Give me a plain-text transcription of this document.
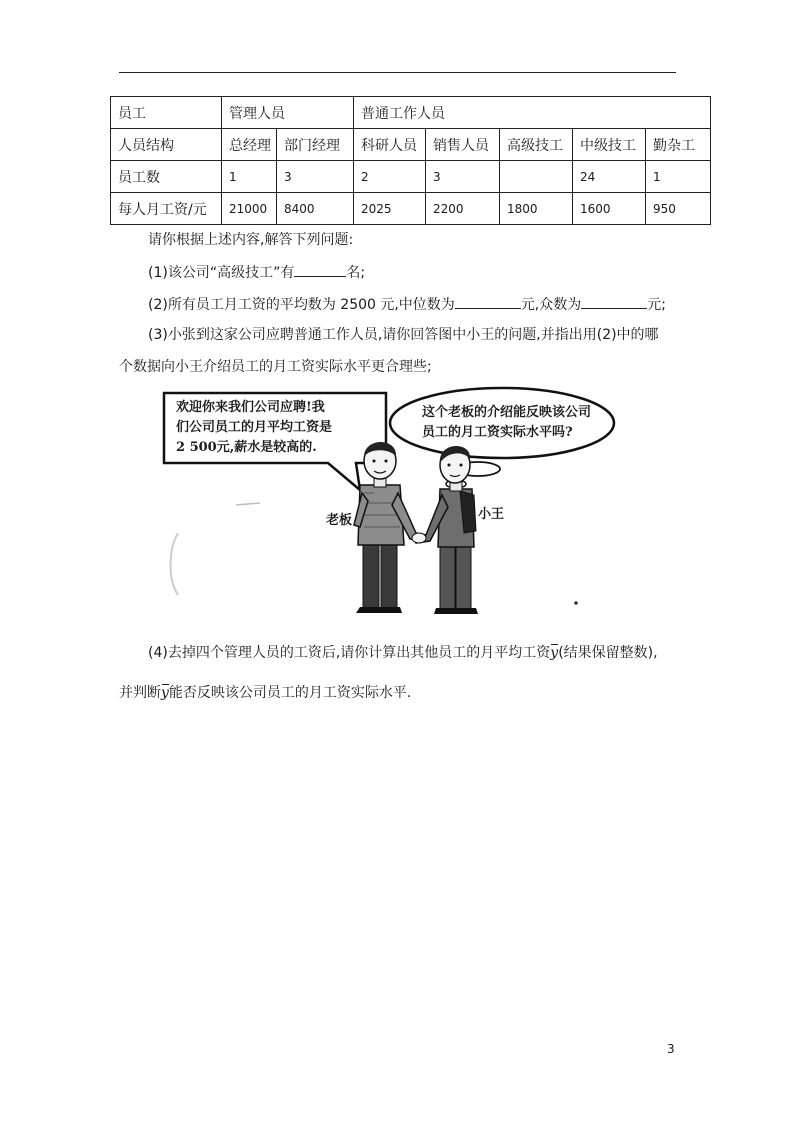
员工	管理人员		普通工作人员				
人员结构	总经理	部门经理	科研人员	销售人员	高级技工	中级技工	勤杂工
员工数	1	3	2	3		24	1
每人月工资/元	21000	8400	2025	2200	1800	1600	950
请你根据上述内容,解答下列问题:
(1)该公司“高级技工”有	名;
(2)所有员工月工资的平均数为 2500 元,中位数为	元,众数为	元;
(3)小张到这家公司应聘普通工作人员,请你回答图中小王的问题,并指出用(2)中的哪
个数据向小王介绍员工的月工资实际水平更合理些;
欢迎你来我们公司应聘!我
们公司员工的月平均工资是
2 500元,薪水是较高的.
这个老板的介绍能反映该公司
员工的月工资实际水平吗?
老板	小王
(4)去掉四个管理人员的工资后,请你计算出其他员工的月平均工资y(结果保留整数),
并判断y能否反映该公司员工的月工资实际水平.
3
